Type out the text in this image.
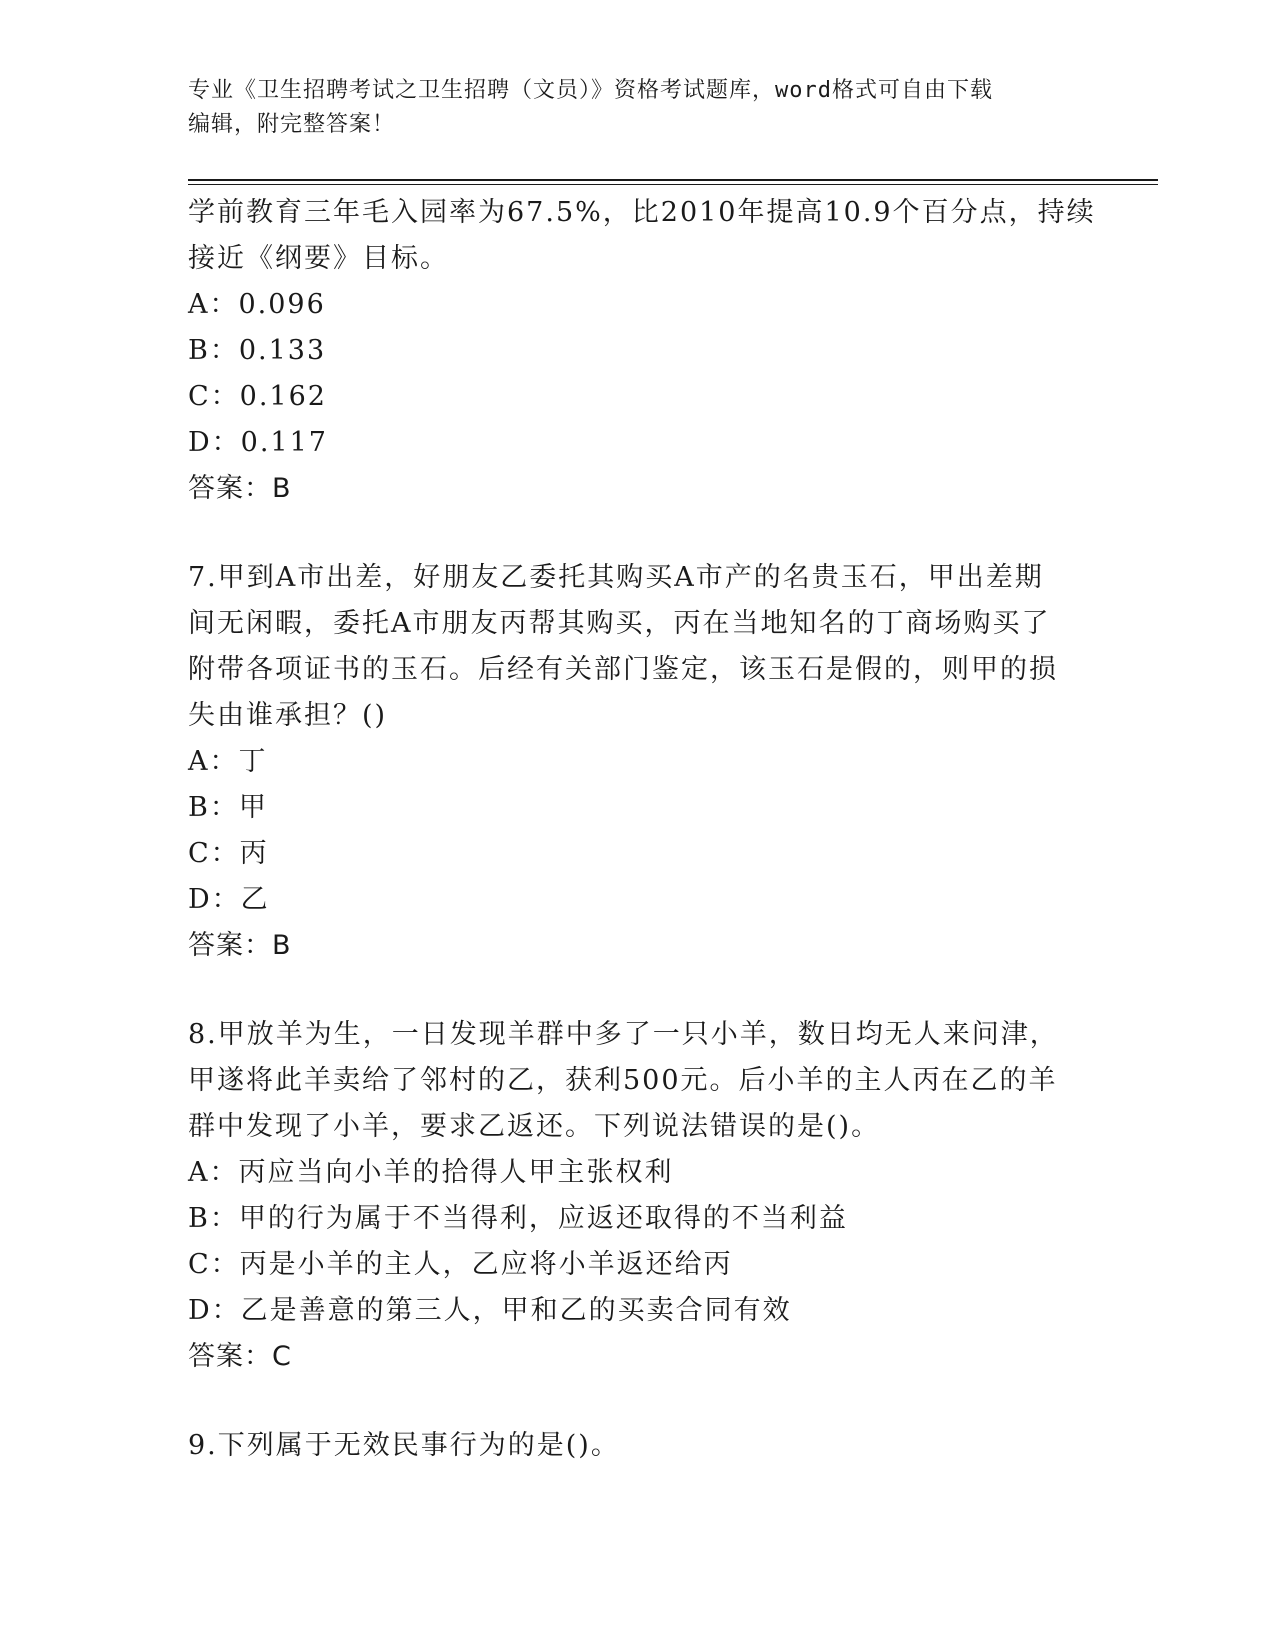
专业《卫生招聘考试之卫生招聘（文员）》资格考试题库，word格式可自由下载
编辑，附完整答案！
学前教育三年毛入园率为67.5%，比2010年提高10.9个百分点，持续
接近《纲要》目标。
A：0.096
B：0.133
C：0.162
D：0.117
答案：B
7.甲到A市出差，好朋友乙委托其购买A市产的名贵玉石，甲出差期
间无闲暇，委托A市朋友丙帮其购买，丙在当地知名的丁商场购买了
附带各项证书的玉石。后经有关部门鉴定，该玉石是假的，则甲的损
失由谁承担？()
A：丁
B：甲
C：丙
D：乙
答案：B
8.甲放羊为生，一日发现羊群中多了一只小羊，数日均无人来问津，
甲遂将此羊卖给了邻村的乙，获利500元。后小羊的主人丙在乙的羊
群中发现了小羊，要求乙返还。下列说法错误的是()。
A：丙应当向小羊的拾得人甲主张权利
B：甲的行为属于不当得利，应返还取得的不当利益
C：丙是小羊的主人，乙应将小羊返还给丙
D：乙是善意的第三人，甲和乙的买卖合同有效
答案：C
9.下列属于无效民事行为的是()。
